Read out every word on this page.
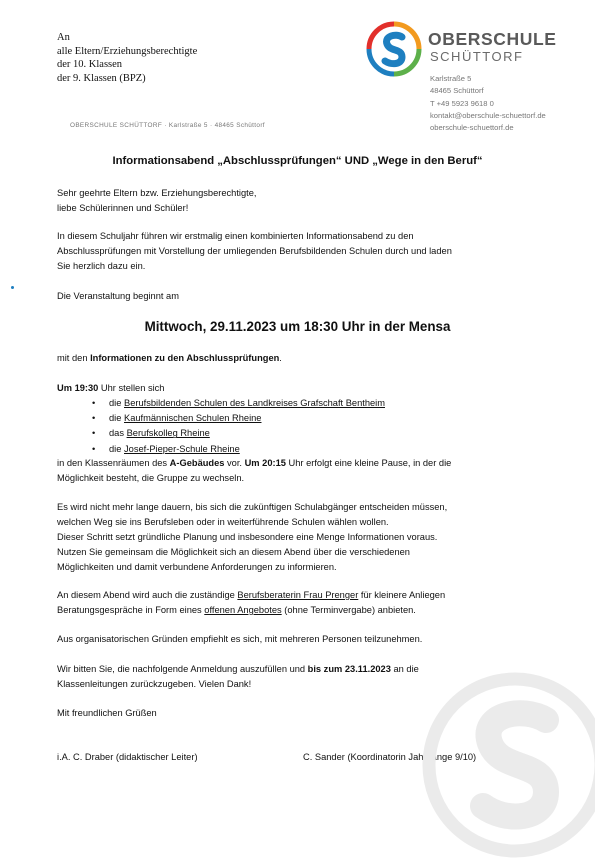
An
alle Eltern/Erziehungsberechtigte
der 10. Klassen
der 9. Klassen (BPZ)
OBERSCHULE
SCHÜTTORF
Karlstraße 5
48465 Schüttorf
T +49 5923 9618 0
kontakt@oberschule-schuettorf.de
oberschule-schuettorf.de
OBERSCHULE SCHÜTTORF · Karlstraße 5 · 48465 Schüttorf
Informationsabend „Abschlussprüfungen“ UND „Wege in den Beruf“
Sehr geehrte Eltern bzw. Erziehungsberechtigte,
liebe Schülerinnen und Schüler!
In diesem Schuljahr führen wir erstmalig einen kombinierten Informationsabend zu den
Abschlussprüfungen mit Vorstellung der umliegenden Berufsbildenden Schulen durch und laden
Sie herzlich dazu ein.
Die Veranstaltung beginnt am
Mittwoch, 29.11.2023 um 18:30 Uhr in der Mensa
mit den Informationen zu den Abschlussprüfungen.
Um 19:30 Uhr stellen sich
• die Berufsbildenden Schulen des Landkreises Grafschaft Bentheim
• die Kaufmännischen Schulen Rheine
• das Berufskolleg Rheine
• die Josef-Pieper-Schule Rheine
in den Klassenräumen des A-Gebäudes vor. Um 20:15 Uhr erfolgt eine kleine Pause, in der die
Möglichkeit besteht, die Gruppe zu wechseln.
Es wird nicht mehr lange dauern, bis sich die zukünftigen Schulabgänger entscheiden müssen,
welchen Weg sie ins Berufsleben oder in weiterführende Schulen wählen wollen.
Dieser Schritt setzt gründliche Planung und insbesondere eine Menge Informationen voraus.
Nutzen Sie gemeinsam die Möglichkeit sich an diesem Abend über die verschiedenen
Möglichkeiten und damit verbundene Anforderungen zu informieren.
An diesem Abend wird auch die zuständige Berufsberaterin Frau Prenger für kleinere Anliegen
Beratungsgespräche in Form eines offenen Angebotes (ohne Terminvergabe) anbieten.
Aus organisatorischen Gründen empfiehlt es sich, mit mehreren Personen teilzunehmen.
Wir bitten Sie, die nachfolgende Anmeldung auszufüllen und bis zum 23.11.2023 an die
Klassenleitungen zurückzugeben. Vielen Dank!
Mit freundlichen Grüßen
i.A. C. Draber (didaktischer Leiter)	C. Sander (Koordinatorin Jahrgänge 9/10)
